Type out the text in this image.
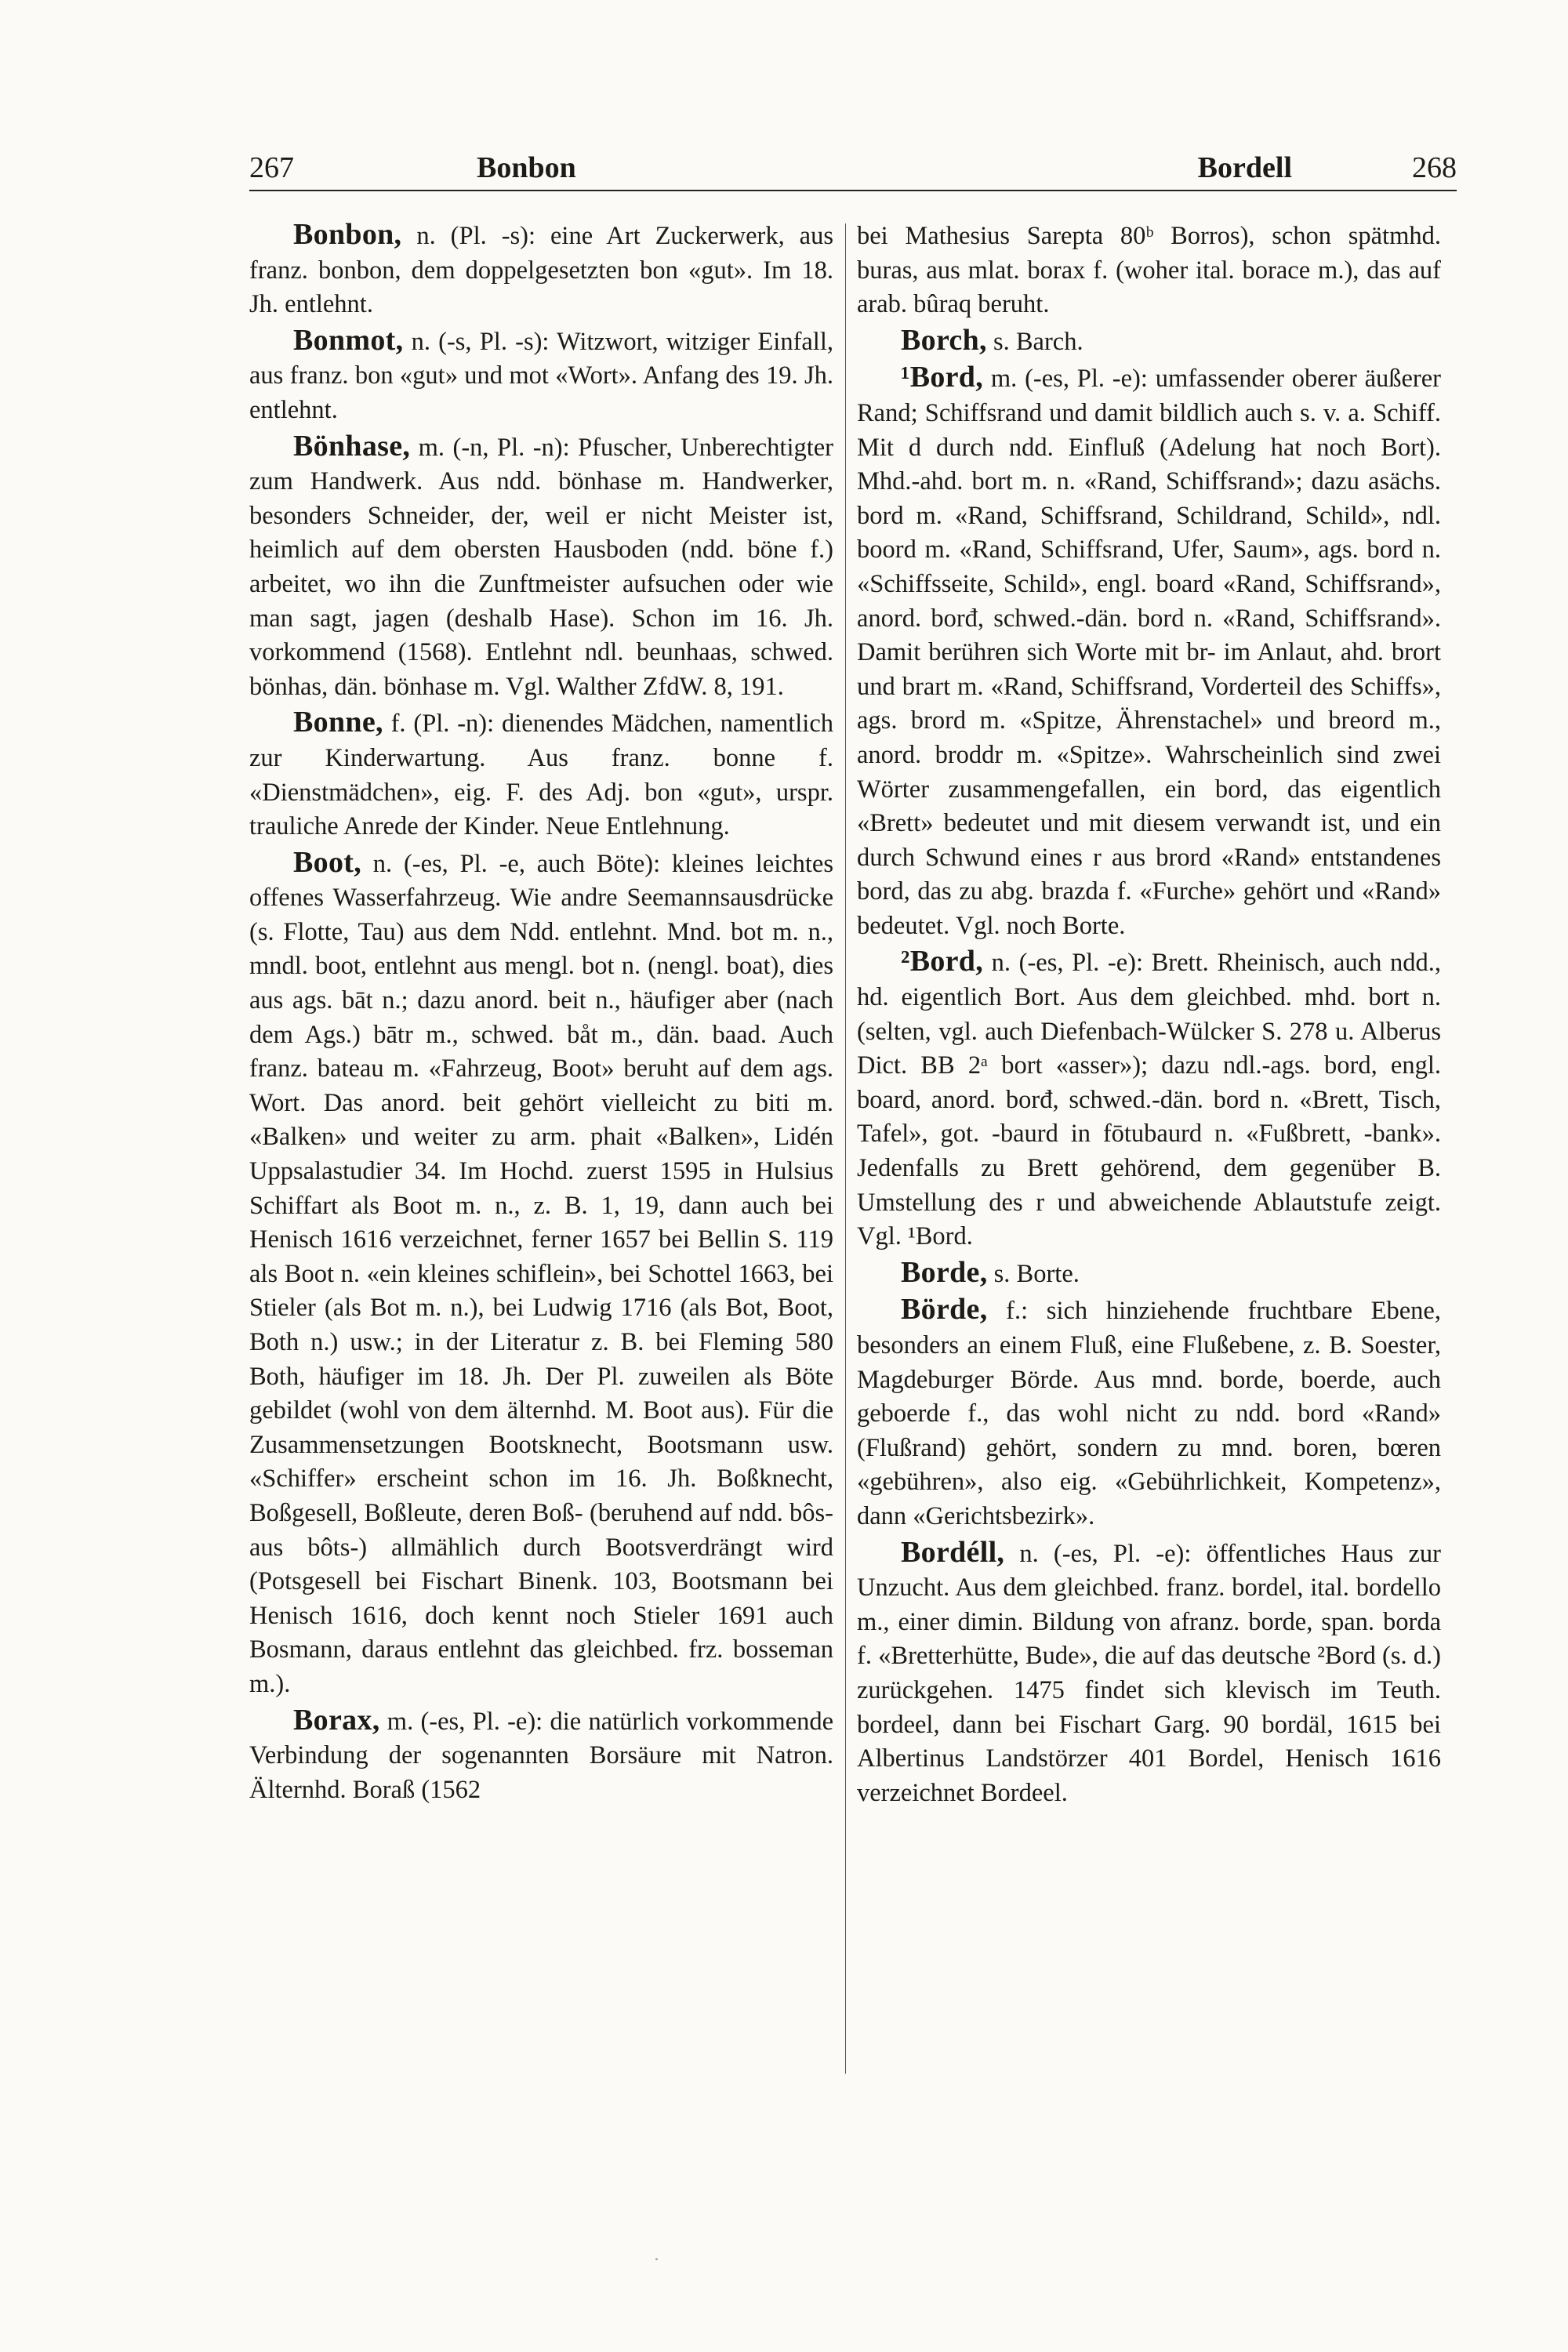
267	Bonbon	Bordell	268

Bonbon, n. (Pl. -s): eine Art Zuckerwerk, aus franz. bonbon, dem doppelgesetzten bon «gut». Im 18. Jh. entlehnt.

Bonmot, n. (-s, Pl. -s): Witzwort, witziger Einfall, aus franz. bon «gut» und mot «Wort». Anfang des 19. Jh. entlehnt.

Bönhase, m. (-n, Pl. -n): Pfuscher, Unberechtigter zum Handwerk. Aus ndd. bönhase m. Handwerker, besonders Schneider, der, weil er nicht Meister ist, heimlich auf dem obersten Hausboden (ndd. böne f.) arbeitet, wo ihn die Zunftmeister aufsuchen oder wie man sagt, jagen (deshalb Hase). Schon im 16. Jh. vorkommend (1568). Entlehnt ndl. beunhaas, schwed. bönhas, dän. bönhase m. Vgl. Walther ZfdW. 8, 191.

Bonne, f. (Pl. -n): dienendes Mädchen, namentlich zur Kinderwartung. Aus franz. bonne f. «Dienstmädchen», eig. F. des Adj. bon «gut», urspr. trauliche Anrede der Kinder. Neue Entlehnung.

Boot, n. (-es, Pl. -e, auch Böte): kleines leichtes offenes Wasserfahrzeug. Wie andre Seemannsausdrücke (s. Flotte, Tau) aus dem Ndd. entlehnt. Mnd. bot m. n., mndl. boot, entlehnt aus mengl. bot n. (nengl. boat), dies aus ags. bāt n.; dazu anord. beit n., häufiger aber (nach dem Ags.) bātr m., schwed. båt m., dän. baad. Auch franz. bateau m. «Fahrzeug, Boot» beruht auf dem ags. Wort. Das anord. beit gehört vielleicht zu biti m. «Balken» und weiter zu arm. phait «Balken», Lidén Uppsalastudier 34. Im Hochd. zuerst 1595 in Hulsius Schiffart als Boot m. n., z. B. 1, 19, dann auch bei Henisch 1616 verzeichnet, ferner 1657 bei Bellin S. 119 als Boot n. «ein kleines schiflein», bei Schottel 1663, bei Stieler (als Bot m. n.), bei Ludwig 1716 (als Bot, Boot, Both n.) usw.; in der Literatur z. B. bei Fleming 580 Both, häufiger im 18. Jh. Der Pl. zuweilen als Böte gebildet (wohl von dem älternhd. M. Boot aus). Für die Zusammensetzungen Bootsknecht, Bootsmann usw. «Schiffer» erscheint schon im 16. Jh. Boßknecht, Boßgesell, Boßleute, deren Boß- (beruhend auf ndd. bôs- aus bôts-) allmählich durch Bootsverdrängt wird (Potsgesell bei Fischart Binenk. 103, Bootsmann bei Henisch 1616, doch kennt noch Stieler 1691 auch Bosmann, daraus entlehnt das gleichbed. frz. bosseman m.).

Borax, m. (-es, Pl. -e): die natürlich vorkommende Verbindung der sogenannten Borsäure mit Natron. Älternhd. Boraß (1562

bei Mathesius Sarepta 80ᵇ Borros), schon spätmhd. buras, aus mlat. borax f. (woher ital. borace m.), das auf arab. bûraq beruht.

Borch, s. Barch.

¹Bord, m. (-es, Pl. -e): umfassender oberer äußerer Rand; Schiffsrand und damit bildlich auch s. v. a. Schiff. Mit d durch ndd. Einfluß (Adelung hat noch Bort). Mhd.-ahd. bort m. n. «Rand, Schiffsrand»; dazu asächs. bord m. «Rand, Schiffsrand, Schildrand, Schild», ndl. boord m. «Rand, Schiffsrand, Ufer, Saum», ags. bord n. «Schiffsseite, Schild», engl. board «Rand, Schiffsrand», anord. borđ, schwed.-dän. bord n. «Rand, Schiffsrand». Damit berühren sich Worte mit br- im Anlaut, ahd. brort und brart m. «Rand, Schiffsrand, Vorderteil des Schiffs», ags. brord m. «Spitze, Ährenstachel» und breord m., anord. broddr m. «Spitze». Wahrscheinlich sind zwei Wörter zusammengefallen, ein bord, das eigentlich «Brett» bedeutet und mit diesem verwandt ist, und ein durch Schwund eines r aus brord «Rand» entstandenes bord, das zu abg. brazda f. «Furche» gehört und «Rand» bedeutet. Vgl. noch Borte.

²Bord, n. (-es, Pl. -e): Brett. Rheinisch, auch ndd., hd. eigentlich Bort. Aus dem gleichbed. mhd. bort n. (selten, vgl. auch Diefenbach-Wülcker S. 278 u. Alberus Dict. BB 2ᵃ bort «asser»); dazu ndl.-ags. bord, engl. board, anord. borđ, schwed.-dän. bord n. «Brett, Tisch, Tafel», got. -baurd in fōtubaurd n. «Fußbrett, -bank». Jedenfalls zu Brett gehörend, dem gegenüber B. Umstellung des r und abweichende Ablautstufe zeigt. Vgl. ¹Bord.

Borde, s. Borte.

Börde, f.: sich hinziehende fruchtbare Ebene, besonders an einem Fluß, eine Flußebene, z. B. Soester, Magdeburger Börde. Aus mnd. borde, boerde, auch geboerde f., das wohl nicht zu ndd. bord «Rand» (Flußrand) gehört, sondern zu mnd. boren, bœren «gebühren», also eig. «Gebührlichkeit, Kompetenz», dann «Gerichtsbezirk».

Bordéll, n. (-es, Pl. -e): öffentliches Haus zur Unzucht. Aus dem gleichbed. franz. bordel, ital. bordello m., einer dimin. Bildung von afranz. borde, span. borda f. «Bretterhütte, Bude», die auf das deutsche ²Bord (s. d.) zurückgehen. 1475 findet sich klevisch im Teuth. bordeel, dann bei Fischart Garg. 90 bordäl, 1615 bei Albertinus Landstörzer 401 Bordel, Henisch 1616 verzeichnet Bordeel.
